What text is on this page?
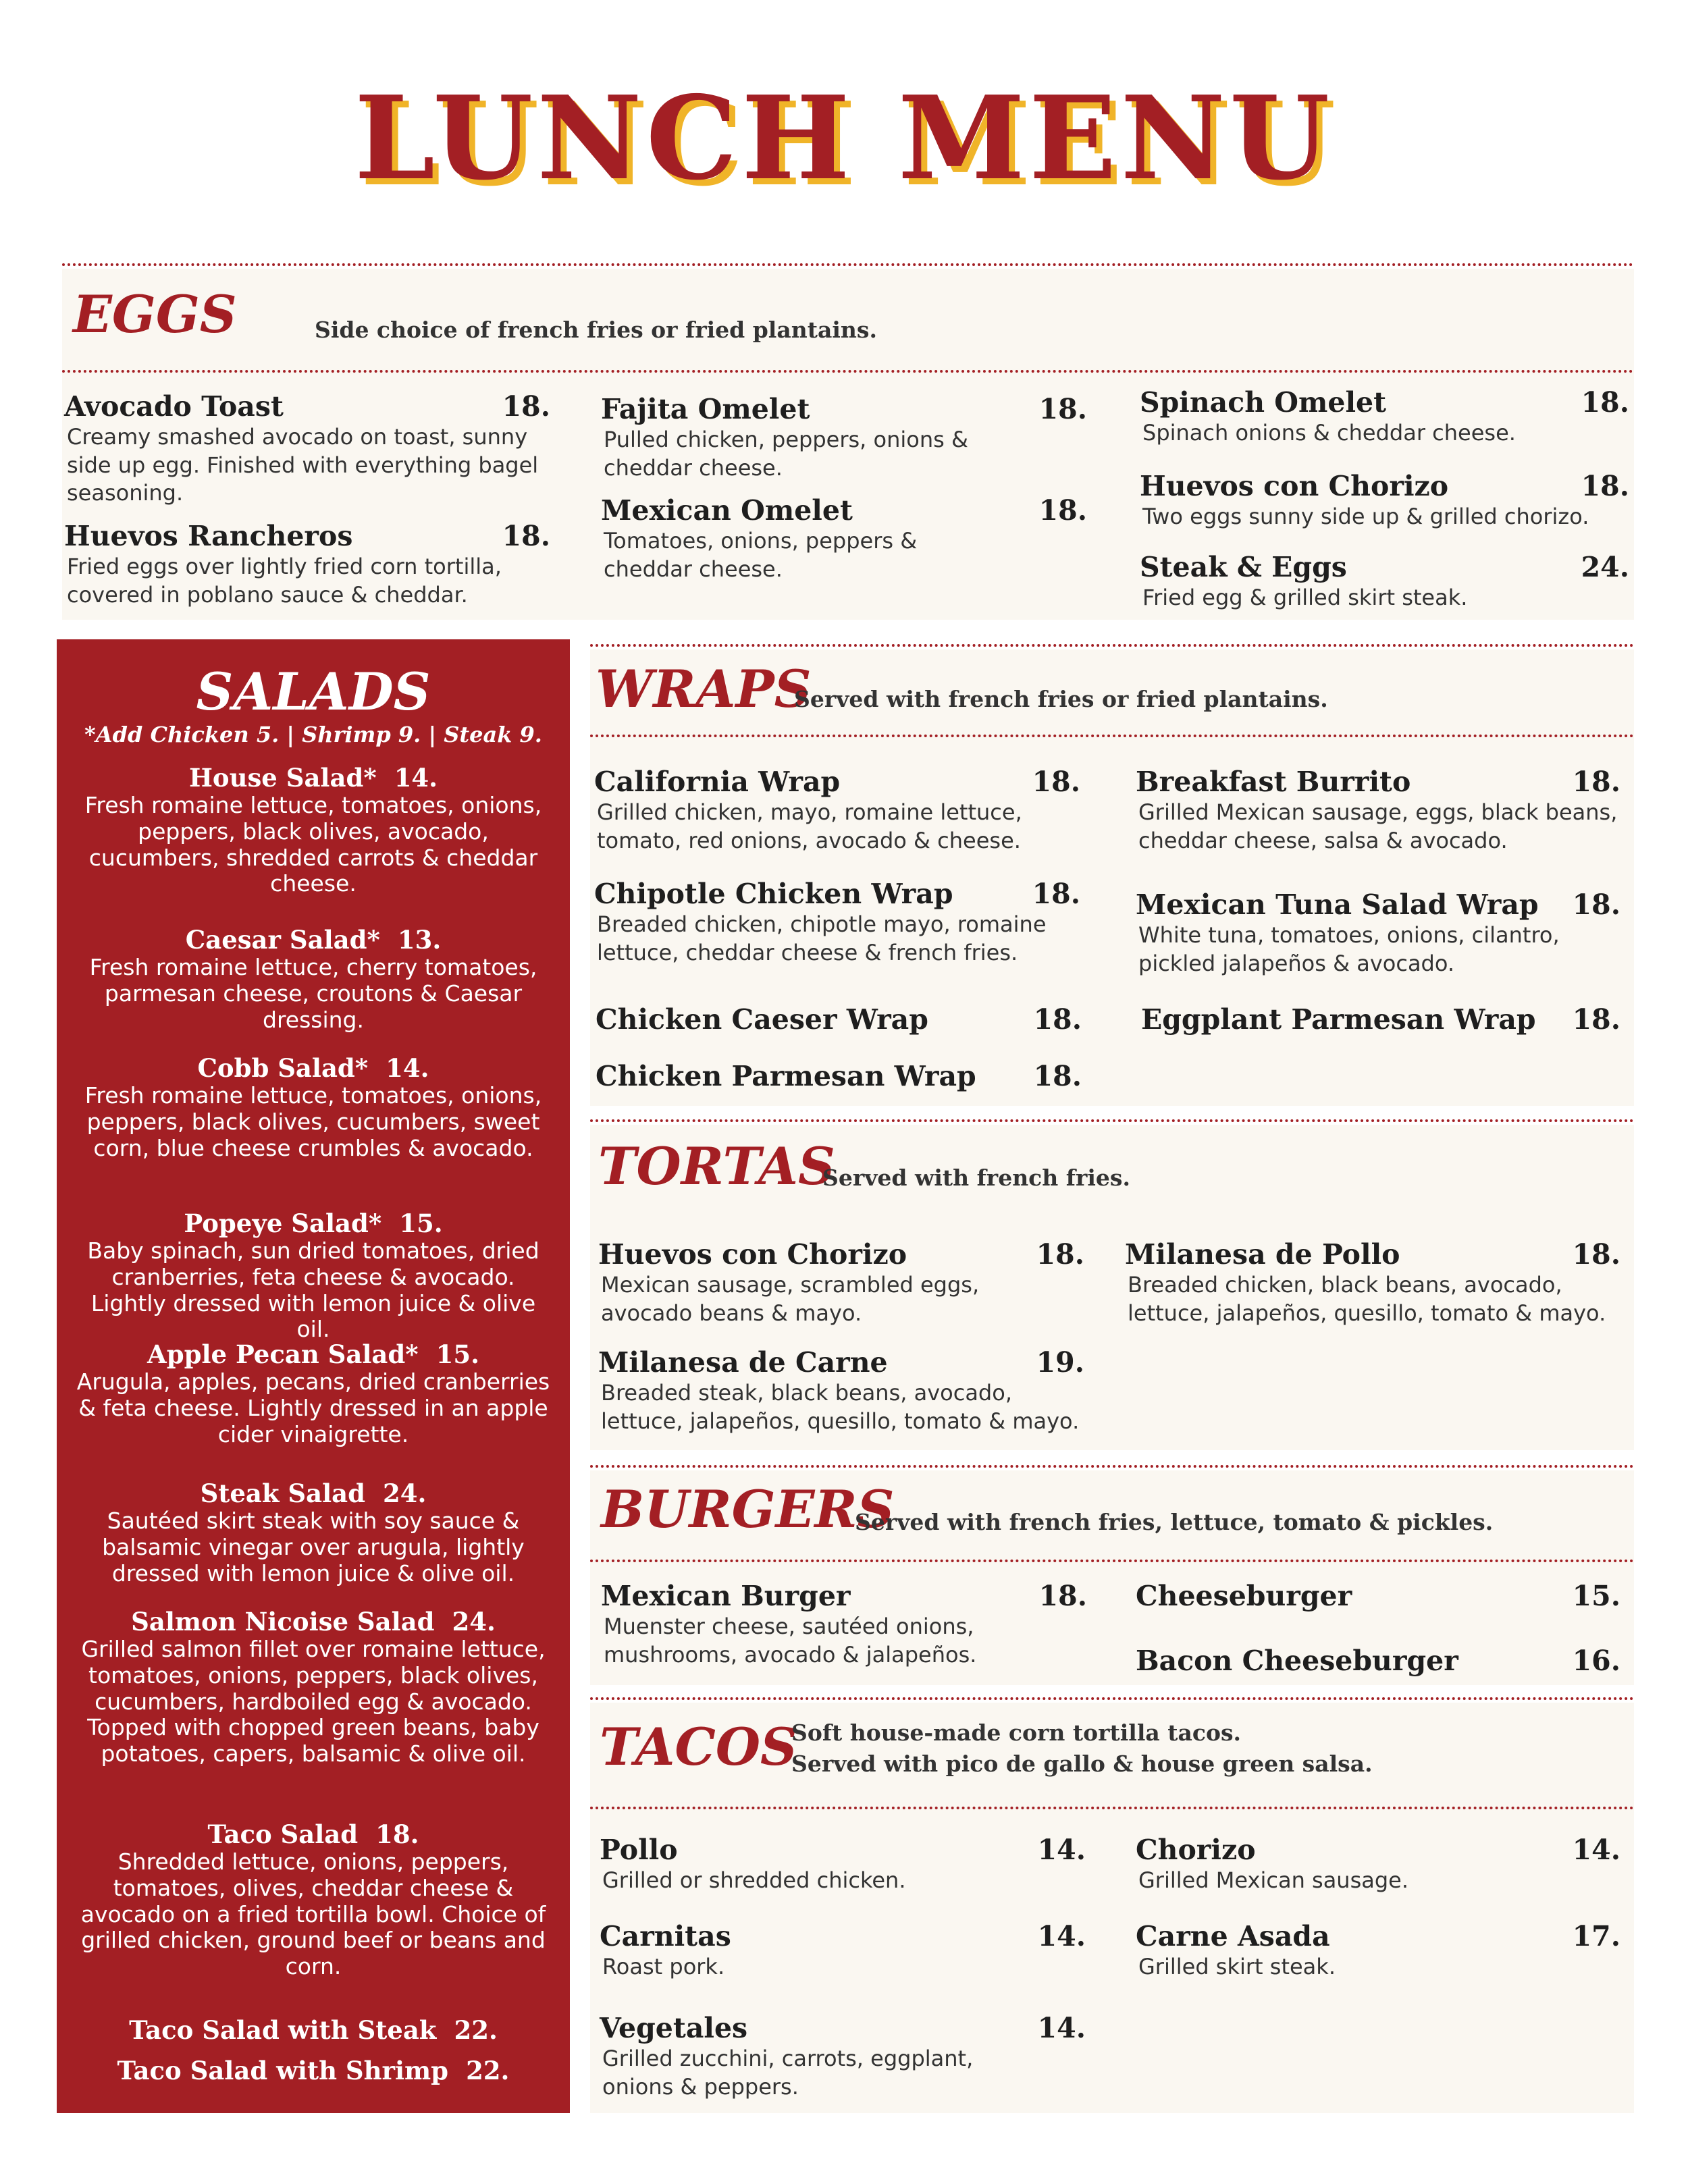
LUNCH MENU
EGGS	Side choice of french fries or fried plantains.
Avocado Toast	18.
Creamy smashed avocado on toast, sunny side up egg. Finished with everything bagel seasoning.
Huevos Rancheros	18.
Fried eggs over lightly fried corn tortilla, covered in poblano sauce & cheddar.
Fajita Omelet	18.
Pulled chicken, peppers, onions & cheddar cheese.
Mexican Omelet	18.
Tomatoes, onions, peppers & cheddar cheese.
Spinach Omelet	18.
Spinach onions & cheddar cheese.
Huevos con Chorizo	18.
Two eggs sunny side up & grilled chorizo.
Steak & Eggs	24.
Fried egg & grilled skirt steak.
SALADS
*Add Chicken 5. | Shrimp 9. | Steak 9.
House Salad* 14.
Fresh romaine lettuce, tomatoes, onions, peppers, black olives, avocado, cucumbers, shredded carrots & cheddar cheese.
Caesar Salad* 13.
Fresh romaine lettuce, cherry tomatoes, parmesan cheese, croutons & Caesar dressing.
Cobb Salad* 14.
Fresh romaine lettuce, tomatoes, onions, peppers, black olives, cucumbers, sweet corn, blue cheese crumbles & avocado.
Popeye Salad* 15.
Baby spinach, sun dried tomatoes, dried cranberries, feta cheese & avocado. Lightly dressed with lemon juice & olive oil.
Apple Pecan Salad* 15.
Arugula, apples, pecans, dried cranberries & feta cheese. Lightly dressed in an apple cider vinaigrette.
Steak Salad 24.
Sautéed skirt steak with soy sauce & balsamic vinegar over arugula, lightly dressed with lemon juice & olive oil.
Salmon Nicoise Salad 24.
Grilled salmon fillet over romaine lettuce, tomatoes, onions, peppers, black olives, cucumbers, hardboiled egg & avocado. Topped with chopped green beans, baby potatoes, capers, balsamic & olive oil.
Taco Salad 18.
Shredded lettuce, onions, peppers, tomatoes, olives, cheddar cheese & avocado on a fried tortilla bowl. Choice of grilled chicken, ground beef or beans and corn.
Taco Salad with Steak 22.
Taco Salad with Shrimp 22.
WRAPS
Served with french fries or fried plantains.
California Wrap	18.
Grilled chicken, mayo, romaine lettuce, tomato, red onions, avocado & cheese.
Chipotle Chicken Wrap	18.
Breaded chicken, chipotle mayo, romaine lettuce, cheddar cheese & french fries.
Chicken Caeser Wrap	18.
Chicken Parmesan Wrap	18.
Breakfast Burrito	18.
Grilled Mexican sausage, eggs, black beans, cheddar cheese, salsa & avocado.
Mexican Tuna Salad Wrap	18.
White tuna, tomatoes, onions, cilantro, pickled jalapeños & avocado.
Eggplant Parmesan Wrap	18.
TORTAS
Served with french fries.
Huevos con Chorizo	18.
Mexican sausage, scrambled eggs, avocado beans & mayo.
Milanesa de Carne	19.
Breaded steak, black beans, avocado, lettuce, jalapeños, quesillo, tomato & mayo.
Milanesa de Pollo	18.
Breaded chicken, black beans, avocado, lettuce, jalapeños, quesillo, tomato & mayo.
BURGERS
Served with french fries, lettuce, tomato & pickles.
Mexican Burger	18.
Muenster cheese, sautéed onions, mushrooms, avocado & jalapeños.
Cheeseburger	15.
Bacon Cheeseburger	16.
TACOS
Soft house-made corn tortilla tacos.
Served with pico de gallo & house green salsa.
Pollo	14.
Grilled or shredded chicken.
Carnitas	14.
Roast pork.
Vegetales	14.
Grilled zucchini, carrots, eggplant, onions & peppers.
Chorizo	14.
Grilled Mexican sausage.
Carne Asada	17.
Grilled skirt steak.
